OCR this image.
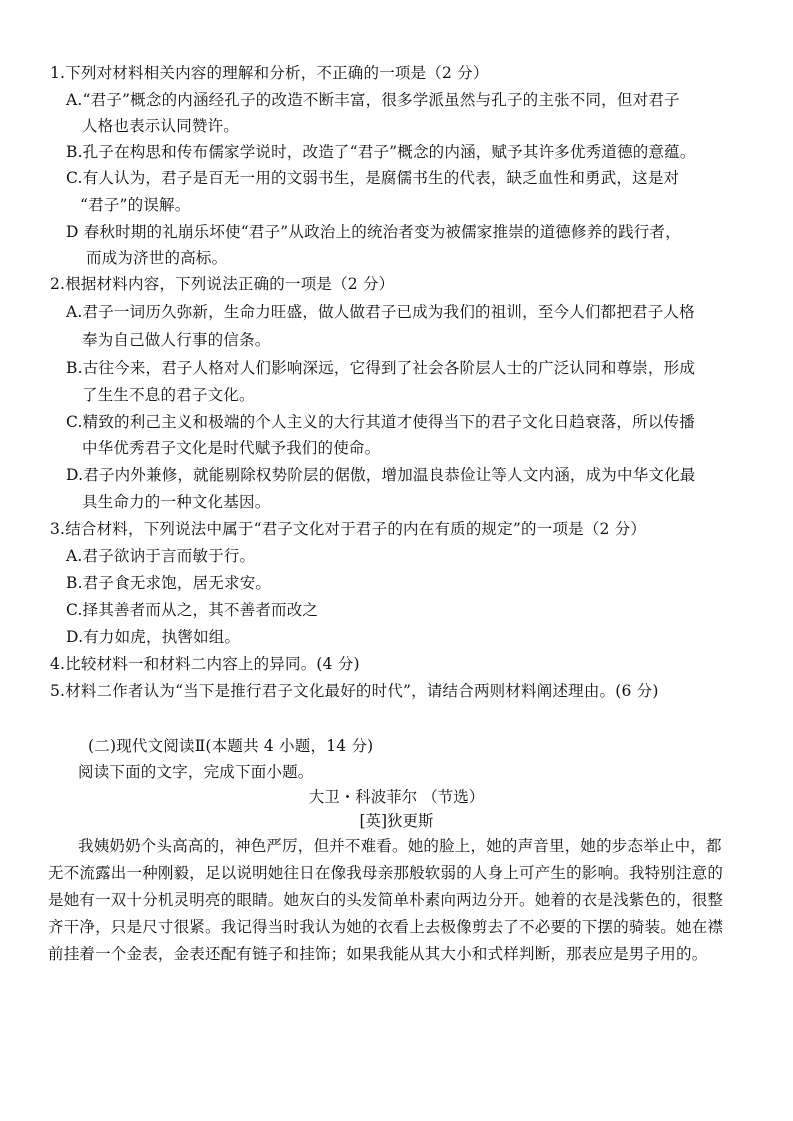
1.下列对材料相关内容的理解和分析，不正确的一项是（2 分）
A.“君子”概念的内涵经孔子的改造不断丰富，很多学派虽然与孔子的主张不同，但对君子
人格也表示认同赞许。
B.孔子在构思和传布儒家学说时，改造了“君子”概念的内涵，赋予其许多优秀道德的意蕴。
C.有人认为，君子是百无一用的文弱书生，是腐儒书生的代表，缺乏血性和勇武，这是对
“君子”的误解。
D 春秋时期的礼崩乐坏使“君子”从政治上的统治者变为被儒家推崇的道德修养的践行者，
而成为济世的高标。
2.根据材料内容，下列说法正确的一项是（2 分）
A.君子一词历久弥新，生命力旺盛，做人做君子已成为我们的祖训，至今人们都把君子人格
奉为自己做人行事的信条。
B.古往今来，君子人格对人们影响深远，它得到了社会各阶层人士的广泛认同和尊崇，形成
了生生不息的君子文化。
C.精致的利己主义和极端的个人主义的大行其道才使得当下的君子文化日趋衰落，所以传播
中华优秀君子文化是时代赋予我们的使命。
D.君子内外兼修，就能剔除权势阶层的倨傲，增加温良恭俭让等人文内涵，成为中华文化最
具生命力的一种文化基因。
3.结合材料，下列说法中属于“君子文化对于君子的内在有质的规定”的一项是（2 分）
A.君子欲讷于言而敏于行。
B.君子食无求饱，居无求安。
C.择其善者而从之，其不善者而改之
D.有力如虎，执辔如组。
4.比较材料一和材料二内容上的异同。(4 分)
5.材料二作者认为“当下是推行君子文化最好的时代”，请结合两则材料阐述理由。(6 分)
(二)现代文阅读Ⅱ(本题共 4 小题，14 分)
阅读下面的文字，完成下面小题。
大卫・科波菲尔 （节选）
[英]狄更斯
我姨奶奶个头高高的，神色严厉，但并不难看。她的脸上，她的声音里，她的步态举止中，都
无不流露出一种刚毅，足以说明她往日在像我母亲那般软弱的人身上可产生的影响。我特别注意的
是她有一双十分机灵明亮的眼睛。她灰白的头发简单朴素向两边分开。她着的衣是浅紫色的，很整
齐干净，只是尺寸很紧。我记得当时我认为她的衣看上去极像剪去了不必要的下摆的骑装。她在襟
前挂着一个金表，金表还配有链子和挂饰；如果我能从其大小和式样判断，那表应是男子用的。
